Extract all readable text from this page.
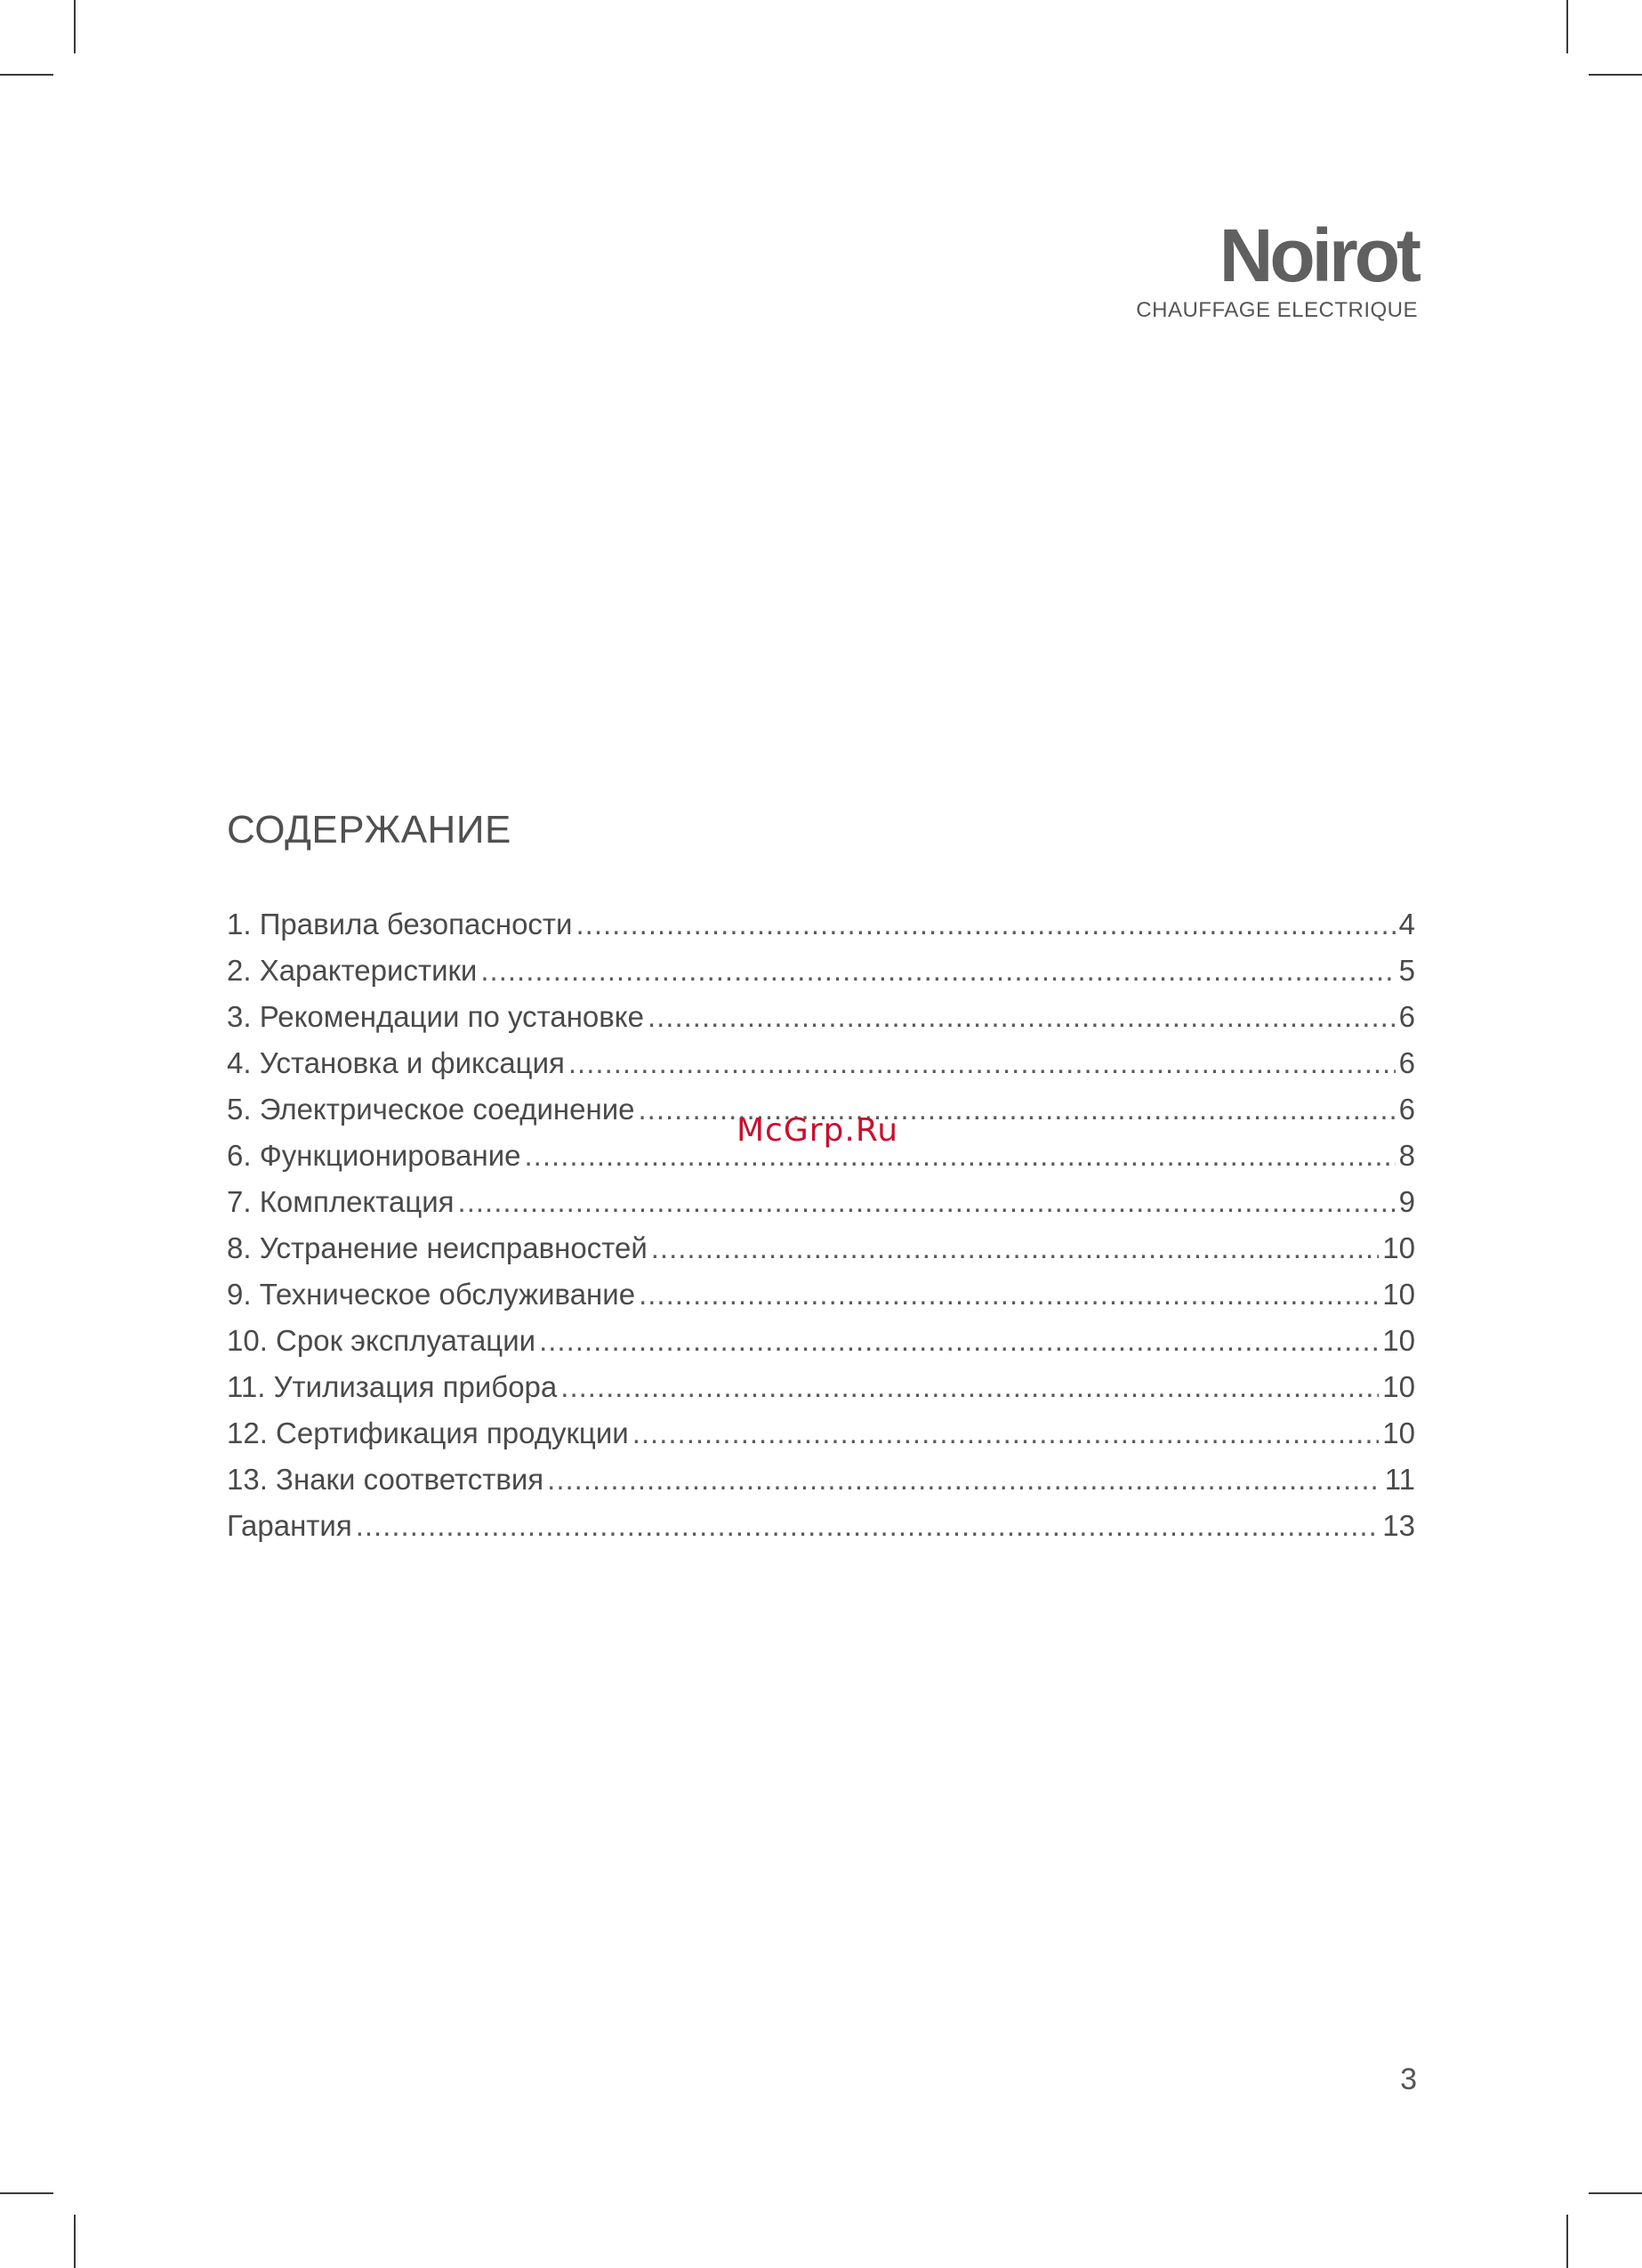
Noirot
CHAUFFAGE ELECTRIQUE
СОДЕРЖАНИЕ
1. Правила безопасности .....	4
2. Характеристики .....	5
3. Рекомендации по установке .....	6
4. Установка и фиксация .....	6
5. Электрическое соединение .....	6
6. Функционирование .....	8
7. Комплектация .....	9
8. Устранение неисправностей .....	10
9. Техническое обслуживание .....	10
10. Срок эксплуатации .....	10
11. Утилизация прибора .....	10
12. Сертификация продукции .....	10
13. Знаки соответствия .....	11
Гарантия .....	13
McGrp.Ru
3
